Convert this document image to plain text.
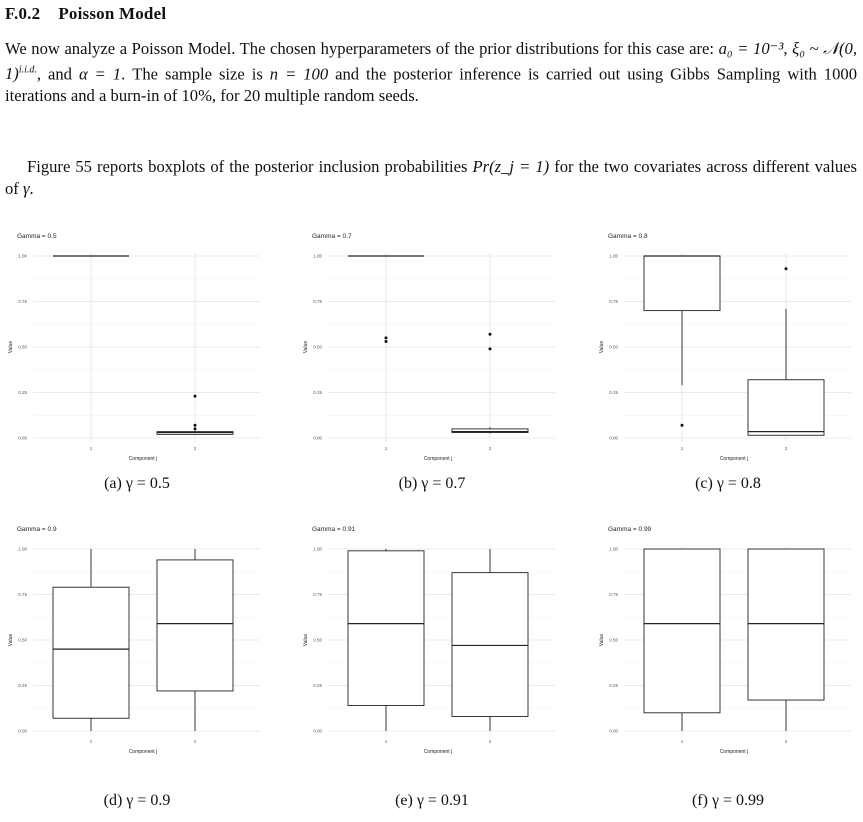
F.0.2 Poisson Model
We now analyze a Poisson Model. The chosen hyperparameters of the prior distributions for this case are: a₀ = 10⁻³, ξ₀ ~ 𝒩(0, 1)$^{i.i.d.}$, and α = 1. The sample size is n = 100 and the posterior inference is carried out using Gibbs Sampling with 1000 iterations and a burn-in of 10%, for 20 multiple random seeds.
Figure 55 reports boxplots of the posterior inclusion probabilities Pr(z_j = 1) for the two covariates across different values of γ.
Gamma = 0.5
0.00
0.25
0.50
0.75
1.00
1	2
Component j
Value
Gamma = 0.7
0.00
0.25
0.50
0.75
1.00
1	2
Component j
Value
Gamma = 0.8
0.00
0.25
0.50
0.75
1.00
1	2
Component j
Value
Gamma = 0.9
0.00
0.25
0.50
0.75
1.00
1	2
Component j
Value
Gamma = 0.91
0.00
0.25
0.50
0.75
1.00
1	2
Component j
Value
Gamma = 0.99
0.00
0.25
0.50
0.75
1.00
1	2
Component j
Value
(a) γ = 0.5	(b) γ = 0.7	(c) γ = 0.8
(d) γ = 0.9	(e) γ = 0.91	(f) γ = 0.99
